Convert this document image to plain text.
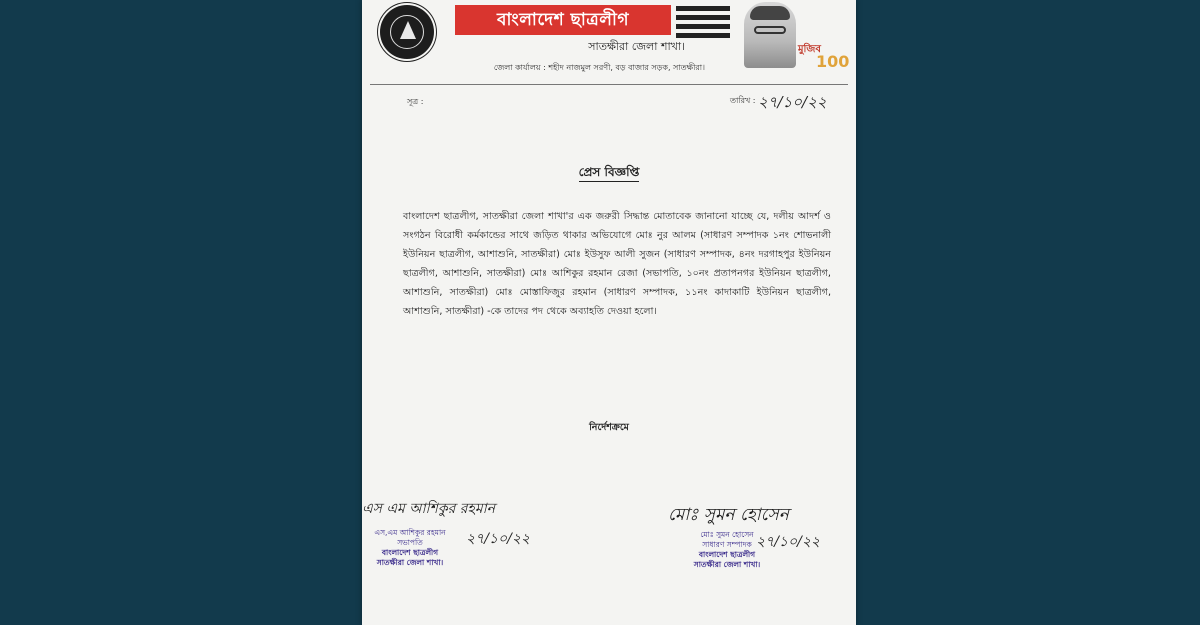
বাংলাদেশ ছাত্রলীগ
সাতক্ষীরা জেলা শাখা।
জেলা কার্যালয় : শহীদ নাজমুল সরণী, বড় বাজার সড়ক, সাতক্ষীরা।
মুজিব
100
সূত্র :	তারিখ : ২৭/১০/২২
প্রেস বিজ্ঞপ্তি
বাংলাদেশ ছাত্রলীগ, সাতক্ষীরা জেলা শাখা'র এক জরুরী সিদ্ধান্ত মোতাবেক জানানো যাচ্ছে যে, দলীয় আদর্শ ও সংগঠন বিরোধী কর্মকান্ডের সাথে জড়িত থাকার অভিযোগে মোঃ নুর আলম (সাধারণ সম্পাদক ১নং শোভনালী ইউনিয়ন ছাত্রলীগ, আশাশুনি, সাতক্ষীরা) মোঃ ইউসুফ আলী সুজন (সাধারণ সম্পাদক, ৪নং দরগাহপুর ইউনিয়ন ছাত্রলীগ, আশাশুনি, সাতক্ষীরা) মোঃ আশিকুর রহমান রেজা (সভাপতি, ১০নং প্রতাপনগর ইউনিয়ন ছাত্রলীগ, আশাশুনি, সাতক্ষীরা) মোঃ মোস্তাফিজুর রহমান (সাধারণ সম্পাদক, ১১নং কাদাকাটি ইউনিয়ন ছাত্রলীগ, আশাশুনি, সাতক্ষীরা) -কে তাদের পদ থেকে অব্যাহতি দেওয়া হলো।
নির্দেশক্রমে
এস এম আশিকুর রহমান
২৭/১০/২২
এস,এম আশিকুর রহমান
সভাপতি
বাংলাদেশ ছাত্রলীগ
সাতক্ষীরা জেলা শাখা।
মোঃ সুমন হোসেন
২৭/১০/২২
মোঃ সুমন হোসেন
সাধারণ সম্পাদক
বাংলাদেশ ছাত্রলীগ
সাতক্ষীরা জেলা শাখা।
